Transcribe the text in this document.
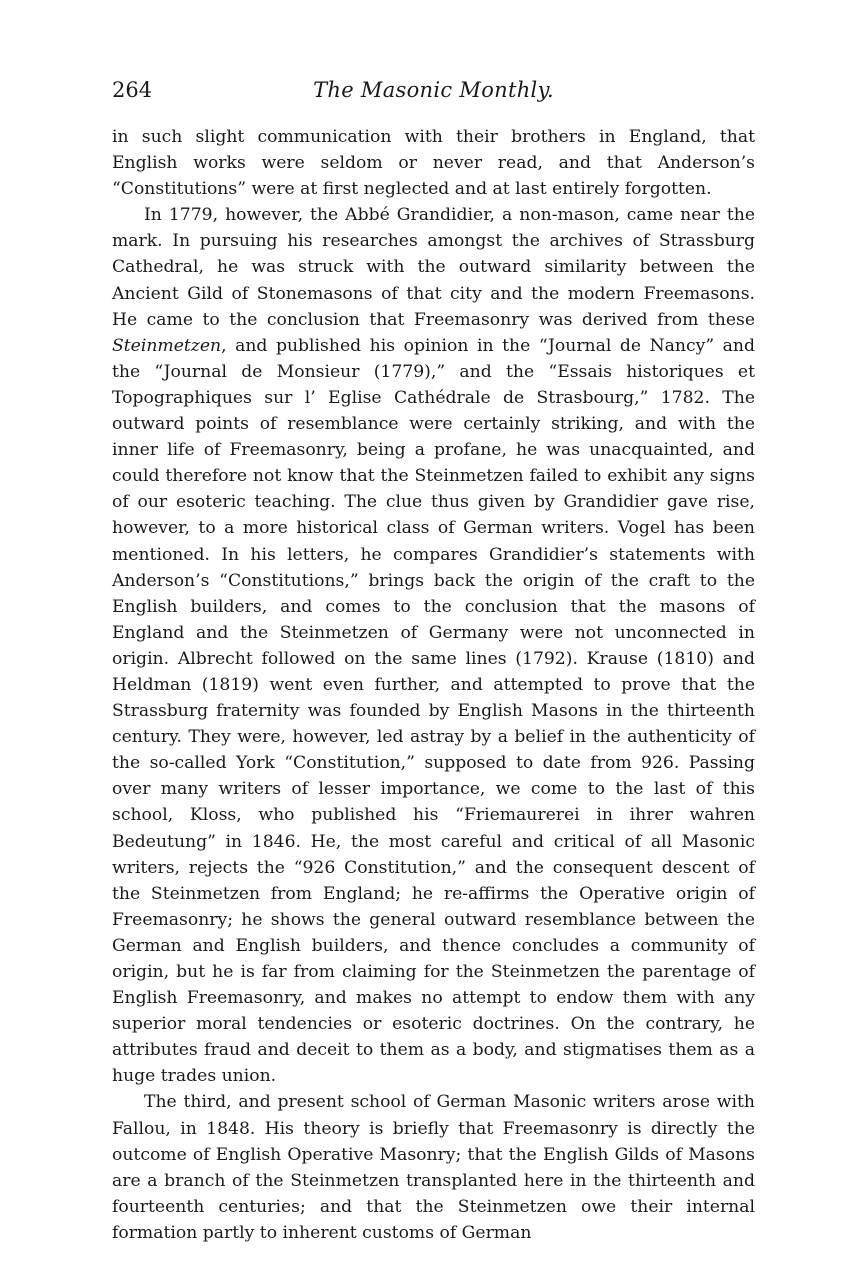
264	The Masonic Monthly.

in such slight communication with their brothers in England, that English works were seldom or never read, and that Anderson’s “Constitutions” were at first neglected and at last entirely forgotten.

In 1779, however, the Abbé Grandidier, a non-mason, came near the mark. In pursuing his researches amongst the archives of Strassburg Cathedral, he was struck with the outward similarity between the Ancient Gild of Stonemasons of that city and the modern Freemasons. He came to the conclusion that Freemasonry was derived from these Steinmetzen, and published his opinion in the “Journal de Nancy” and the “Journal de Monsieur (1779),” and the “Essais historiques et Topographiques sur l’ Eglise Cathédrale de Strasbourg,” 1782. The outward points of resemblance were certainly striking, and with the inner life of Freemasonry, being a profane, he was unacquainted, and could therefore not know that the Steinmetzen failed to exhibit any signs of our esoteric teaching. The clue thus given by Grandidier gave rise, however, to a more historical class of German writers. Vogel has been mentioned. In his letters, he compares Grandidier’s statements with Anderson’s “Constitutions,” brings back the origin of the craft to the English builders, and comes to the conclusion that the masons of England and the Steinmetzen of Germany were not unconnected in origin. Albrecht followed on the same lines (1792). Krause (1810) and Heldman (1819) went even further, and attempted to prove that the Strassburg fraternity was founded by English Masons in the thirteenth century. They were, however, led astray by a belief in the authenticity of the so-called York “Constitution,” supposed to date from 926. Passing over many writers of lesser importance, we come to the last of this school, Kloss, who published his “Friemaurerei in ihrer wahren Bedeutung” in 1846. He, the most careful and critical of all Masonic writers, rejects the “926 Constitution,” and the consequent descent of the Steinmetzen from England; he re-affirms the Operative origin of Freemasonry; he shows the general outward resemblance between the German and English builders, and thence concludes a community of origin, but he is far from claiming for the Steinmetzen the parentage of English Freemasonry, and makes no attempt to endow them with any superior moral tendencies or esoteric doctrines. On the contrary, he attributes fraud and deceit to them as a body, and stigmatises them as a huge trades union.

The third, and present school of German Masonic writers arose with Fallou, in 1848. His theory is briefly that Freemasonry is directly the outcome of English Operative Masonry; that the English Gilds of Masons are a branch of the Steinmetzen transplanted here in the thirteenth and fourteenth centuries; and that the Steinmetzen owe their internal formation partly to inherent customs of German
